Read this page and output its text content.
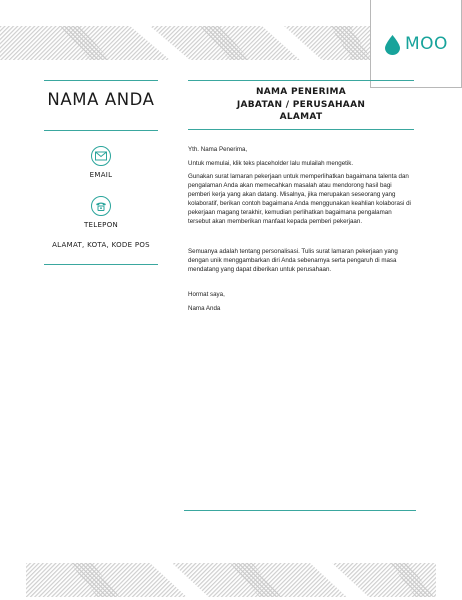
MOO
NAMA ANDA
EMAIL
TELEPON
ALAMAT, KOTA, KODE POS
NAMA PENERIMA
JABATAN / PERUSAHAAN
ALAMAT

Yth. Nama Penerima,

Untuk memulai, klik teks placeholder lalu mulailah mengetik.

Gunakan surat lamaran pekerjaan untuk memperlihatkan bagaimana talenta dan pengalaman Anda akan memecahkan masalah atau mendorong hasil bagi pemberi kerja yang akan datang. Misalnya, jika merupakan seseorang yang kolaboratif, berikan contoh bagaimana Anda menggunakan keahlian kolaborasi di pekerjaan magang terakhir, kemudian perlihatkan bagaimana pengalaman tersebut akan memberikan manfaat kepada pemberi pekerjaan.

Semuanya adalah tentang personalisasi. Tulis surat lamaran pekerjaan yang dengan unik menggambarkan diri Anda sebenarnya serta pengaruh di masa mendatang yang dapat diberikan untuk perusahaan.

Hormat saya,

Nama Anda
